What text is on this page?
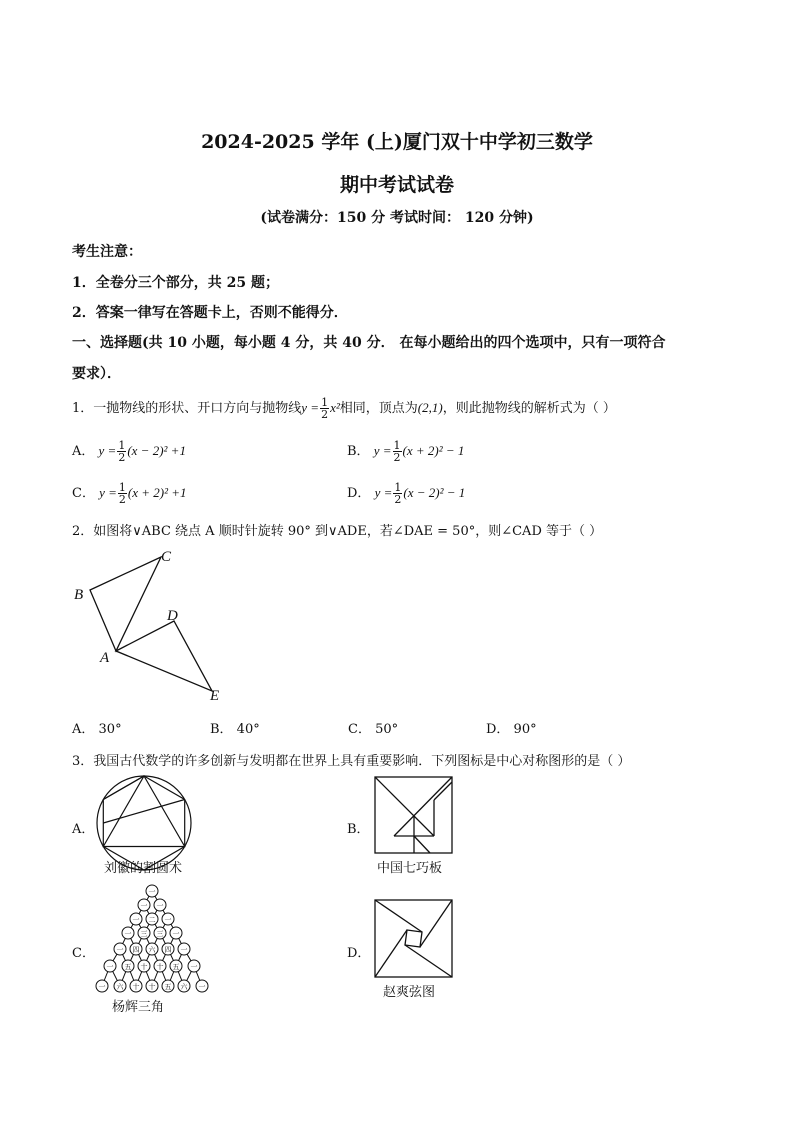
2024-2025 学年 (上)厦门双十中学初三数学
期中考试试卷
(试卷满分：150 分 考试时间： 120 分钟)
考生注意：
1．全卷分三个部分，共 25 题；
2．答案一律写在答题卡上，否则不能得分．
一、选择题(共 10 小题，每小题 4 分，共 40 分． 在每小题给出的四个选项中，只有一项符合
要求）．
1．一抛物线的形状、开口方向与抛物线$y = \frac{1}{2} x^2$相同，顶点为(2,1)，则此抛物线的解析式为（ ）
A． $y = \frac{1}{2} (x - 2)^2 +1$	B． $y = \frac{1}{2} (x + 2)^2 - 1$
C． $y = \frac{1}{2} (x + 2)^2 +1$	D． $y = \frac{1}{2} (x - 2)^2 - 1$
2．如图将∨ABC 绕点 A 顺时针旋转 90° 到∨ADE，若∠DAE = 50°，则∠CAD 等于（ ）
B
C
A
D
E
A． 30°	B． 40°	C． 50°	D． 90°
3．我国古代数学的许多创新与发明都在世界上具有重要影响．下列图标是中心对称图形的是（ ）
A．
刘徽的割圆术
B．
中国七巧板
C．
一
一 一
一 二 一
一 三 三 一
一 四 六 四 一
一 五 十 十 五 一
一 六 十 十 五 六 一
杨辉三角
D．
赵爽弦图
